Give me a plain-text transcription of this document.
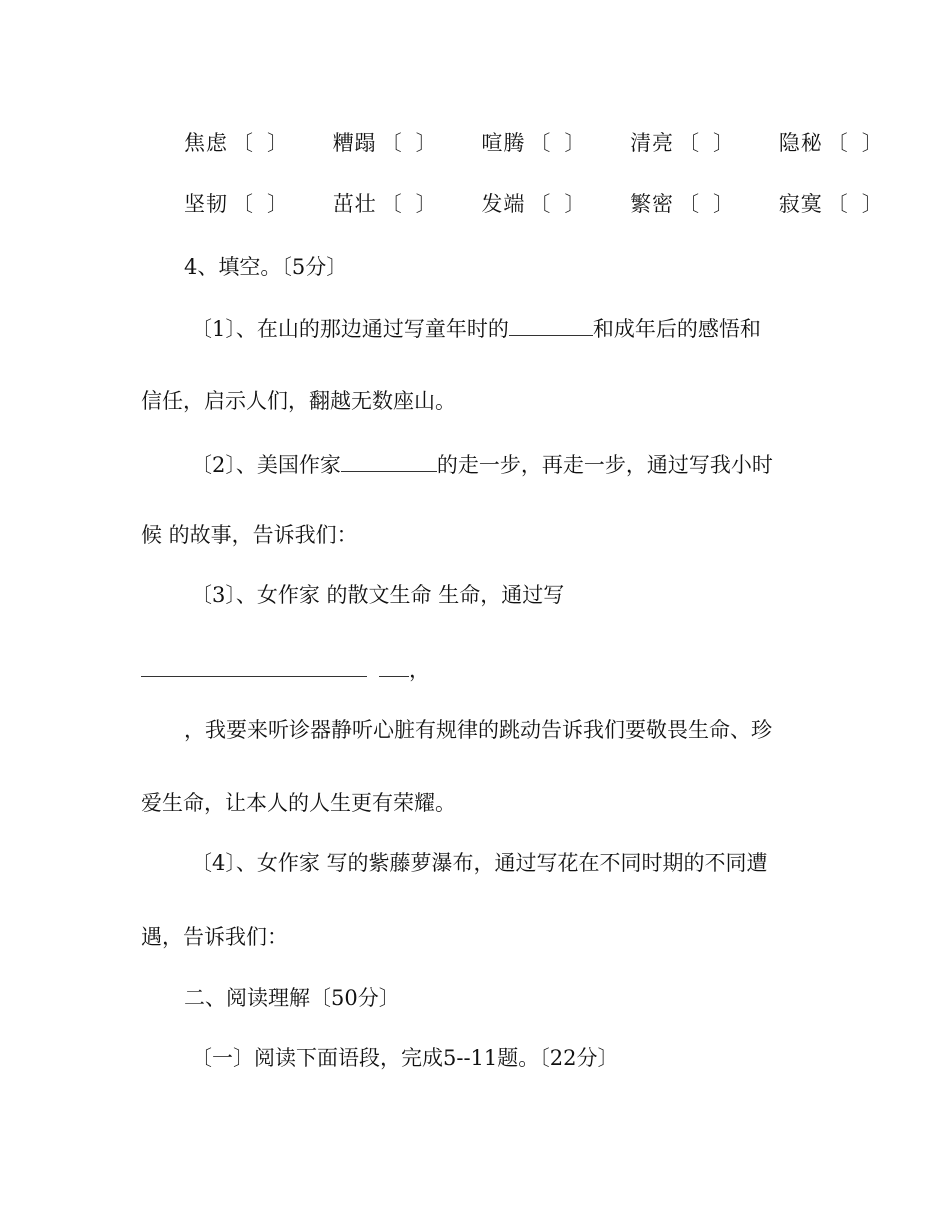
焦虑 〔〕 糟蹋 〔〕 喧腾 〔〕 清亮 〔〕 隐秘 〔〕
坚韧 〔〕 茁壮 〔〕 发端 〔〕 繁密 〔〕 寂寞 〔〕
4、填空。〔5分〕
〔1〕、在山的那边通过写童年时的	和成年后的感悟和
信任，启示人们，翻越无数座山。
〔2〕、美国作家	的走一步，再走一步，通过写我小时
候 的故事，告诉我们：
〔3〕、女作家 的散文生命 生命，通过写
，
，我要来听诊器静听心脏有规律的跳动告诉我们要敬畏生命、珍
爱生命，让本人的人生更有荣耀。
〔4〕、女作家 写的紫藤萝瀑布，通过写花在不同时期的不同遭
遇，告诉我们：
二、阅读理解〔50分〕
〔一〕阅读下面语段，完成5--11题。〔22分〕
